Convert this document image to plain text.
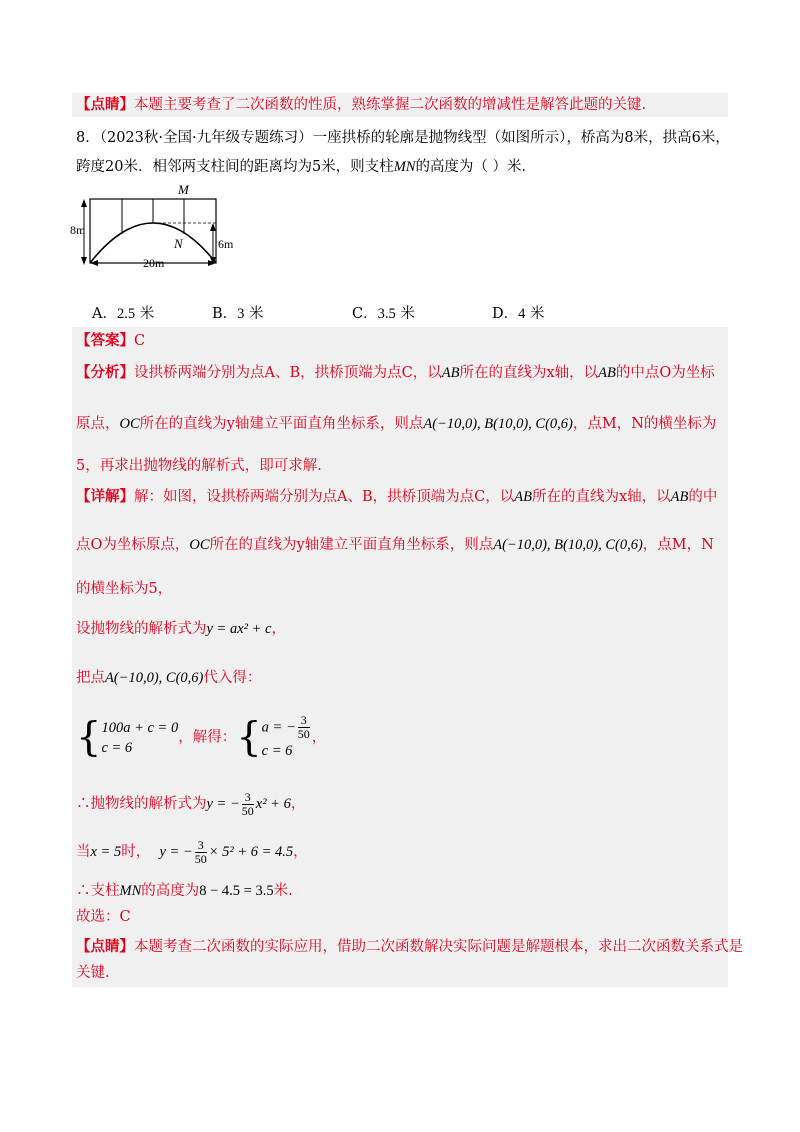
【点睛】本题主要考查了二次函数的性质，熟练掌握二次函数的增减性是解答此题的关键.
8．（2023秋·全国·九年级专题练习）一座拱桥的轮廓是抛物线型（如图所示），桥高为8米，拱高6米，
跨度20米．相邻两支柱间的距离均为5米，则支柱MN的高度为（ ）米．
M
N
8m
6m
20m
A．2.5 米	B．3 米	C．3.5 米	D．4 米
【答案】C
【分析】设拱桥两端分别为点A、B，拱桥顶端为点C，以AB所在的直线为x轴，以AB的中点O为坐标
原点，OC所在的直线为y轴建立平面直角坐标系，则点A(−10,0), B(10,0), C(0,6)，点M，N的横坐标为
5，再求出抛物线的解析式，即可求解.
【详解】解：如图，设拱桥两端分别为点A、B，拱桥顶端为点C，以AB所在的直线为x轴，以AB的中
点O为坐标原点，OC所在的直线为y轴建立平面直角坐标系，则点A(−10,0), B(10,0), C(0,6)，点M，N
的横坐标为5，
设抛物线的解析式为y = ax² + c，
把点A(−10,0), C(0,6)代入得：
{ 100a + c = 0
c = 6
，解得：{ a = − $\frac{3}{50}$
c = 6
，
∴抛物线的解析式为y = − $\frac{3}{50} x^2 + 6$，
当x = 5时， y = − $\frac{3}{50} \times 5^2 + 6 = 4.5$，
∴支柱MN的高度为8 − 4.5 = 3.5米.
故选：C
【点睛】本题考查二次函数的实际应用，借助二次函数解决实际问题是解题根本，求出二次函数关系式是
关键.
